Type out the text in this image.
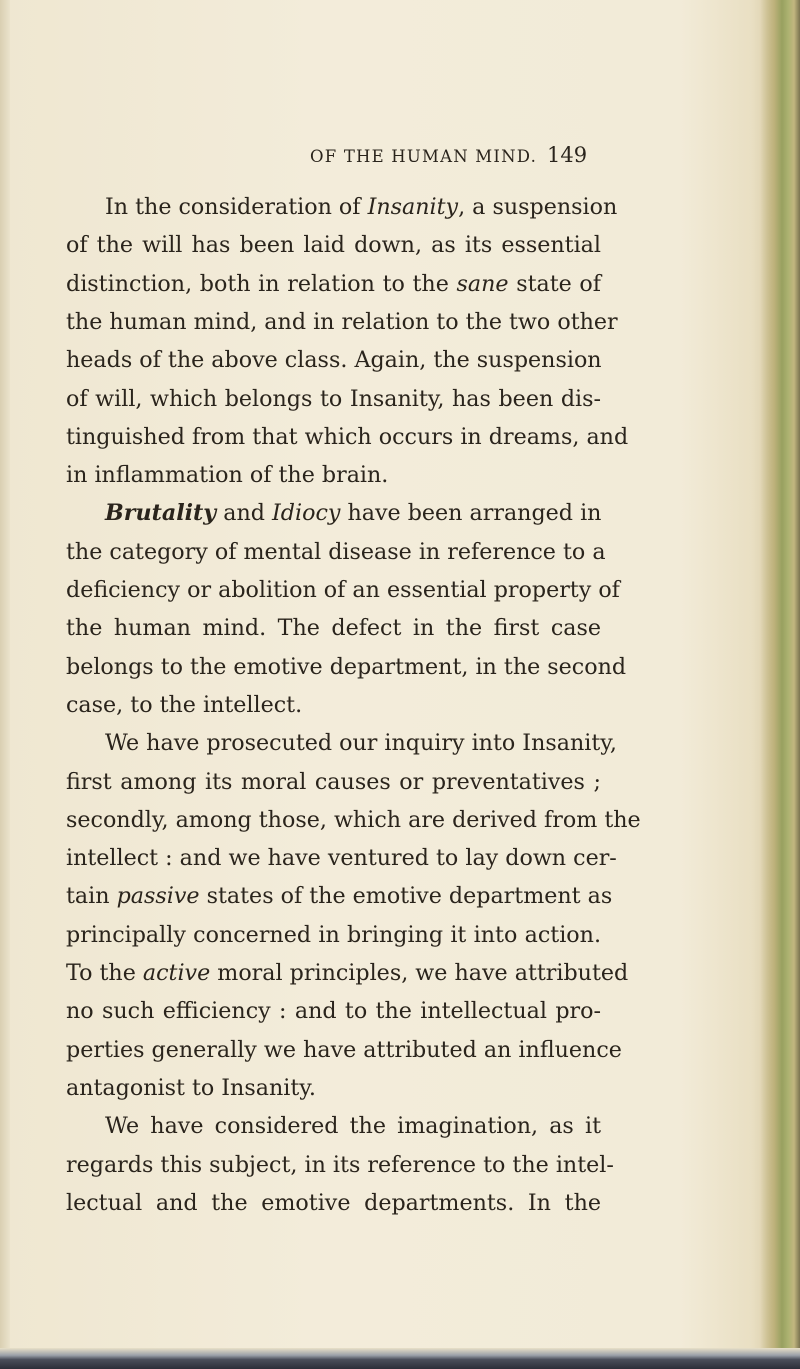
OF THE HUMAN MIND. 149
In the consideration of Insanity, a suspension
of the will has been laid down, as its essential
distinction, both in relation to the sane state of
the human mind, and in relation to the two other
heads of the above class. Again, the suspension
of will, which belongs to Insanity, has been dis-
tinguished from that which occurs in dreams, and
in inflammation of the brain.
Brutality and Idiocy have been arranged in
the category of mental disease in reference to a
deficiency or abolition of an essential property of
the human mind. The defect in the first case
belongs to the emotive department, in the second
case, to the intellect.
We have prosecuted our inquiry into Insanity,
first among its moral causes or preventatives ;
secondly, among those, which are derived from the
intellect : and we have ventured to lay down cer-
tain passive states of the emotive department as
principally concerned in bringing it into action.
To the active moral principles, we have attributed
no such efficiency : and to the intellectual pro-
perties generally we have attributed an influence
antagonist to Insanity.
We have considered the imagination, as it
regards this subject, in its reference to the intel-
lectual and the emotive departments. In the
